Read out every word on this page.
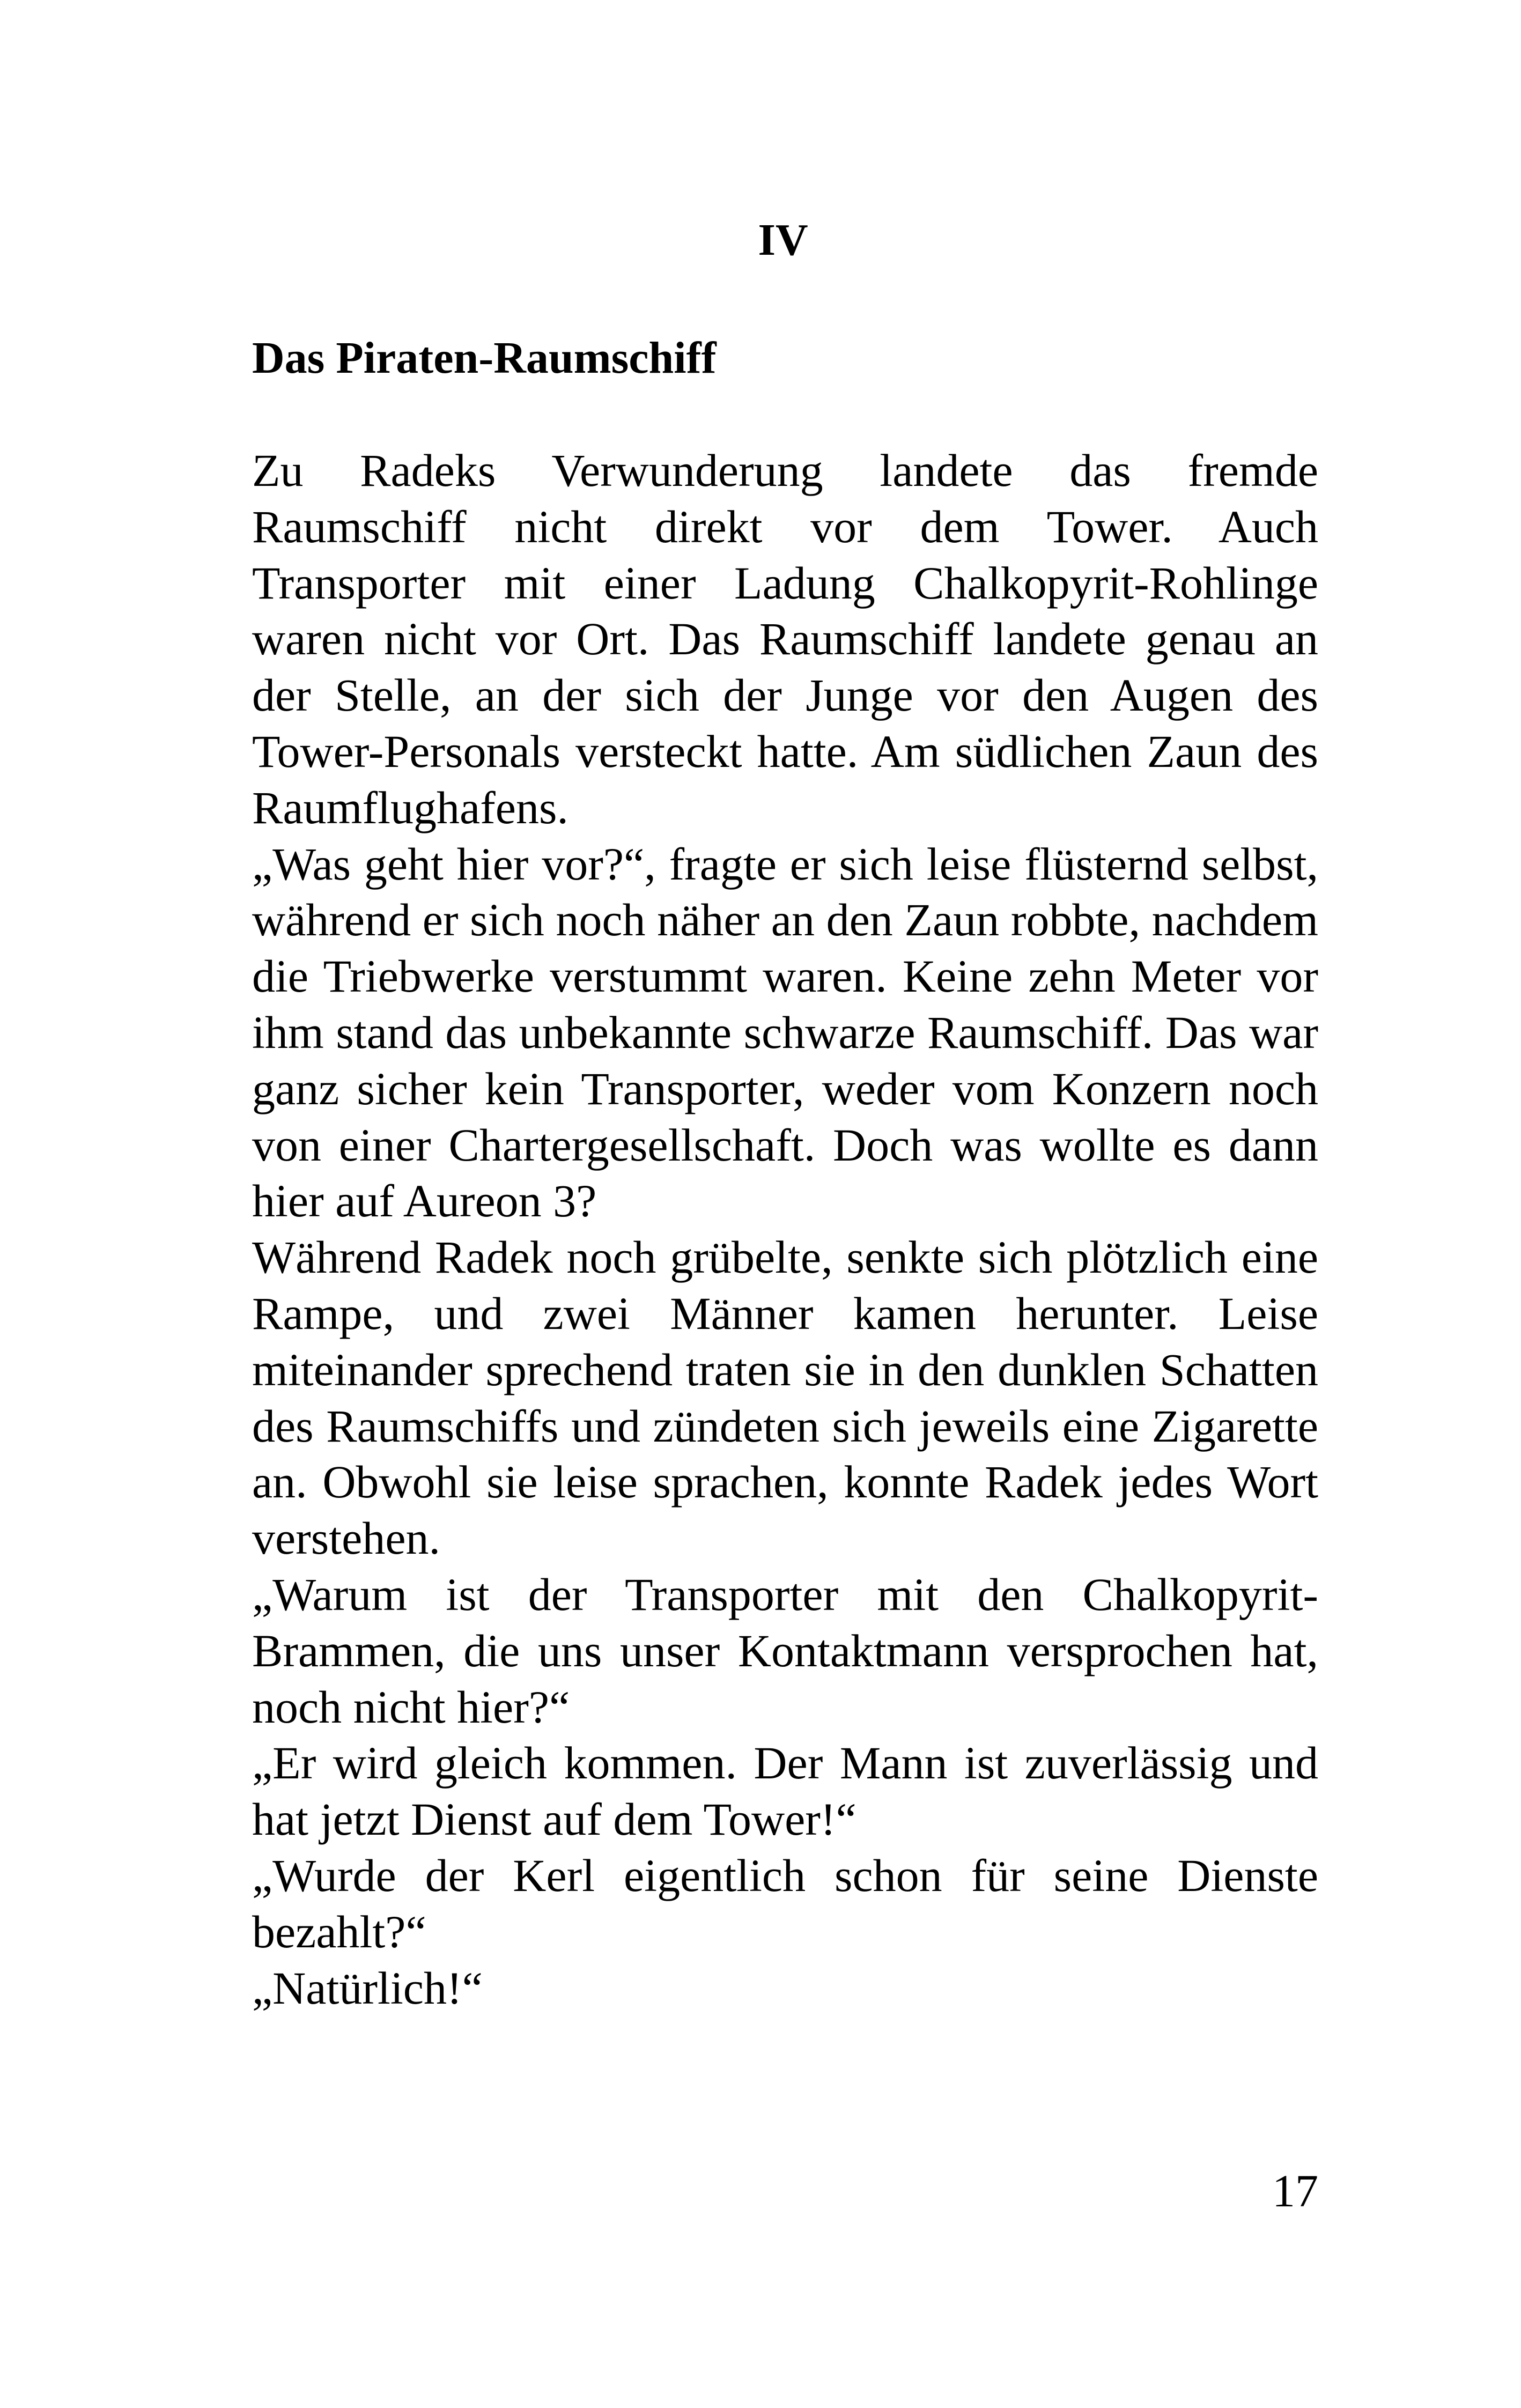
IV
Das Piraten-Raumschiff

Zu Radeks Verwunderung landete das fremde Raumschiff nicht direkt vor dem Tower. Auch Transporter mit einer Ladung Chalkopyrit-Rohlinge waren nicht vor Ort. Das Raumschiff landete genau an der Stelle, an der sich der Junge vor den Augen des Tower-Personals versteckt hatte. Am südlichen Zaun des Raumflughafens.

„Was geht hier vor?“, fragte er sich leise flüsternd selbst, während er sich noch näher an den Zaun robbte, nachdem die Triebwerke verstummt waren. Keine zehn Meter vor ihm stand das unbekannte schwarze Raumschiff. Das war ganz sicher kein Transporter, weder vom Konzern noch von einer Chartergesellschaft. Doch was wollte es dann hier auf Aureon 3?

Während Radek noch grübelte, senkte sich plötzlich eine Rampe, und zwei Männer kamen herunter. Leise miteinander sprechend traten sie in den dunklen Schatten des Raumschiffs und zündeten sich jeweils eine Zigarette an. Obwohl sie leise sprachen, konnte Radek jedes Wort verstehen.

„Warum ist der Transporter mit den Chalkopyrit-Brammen, die uns unser Kontaktmann versprochen hat, noch nicht hier?“

„Er wird gleich kommen. Der Mann ist zuverlässig und hat jetzt Dienst auf dem Tower!“

„Wurde der Kerl eigentlich schon für seine Dienste bezahlt?“

„Natürlich!“

17
